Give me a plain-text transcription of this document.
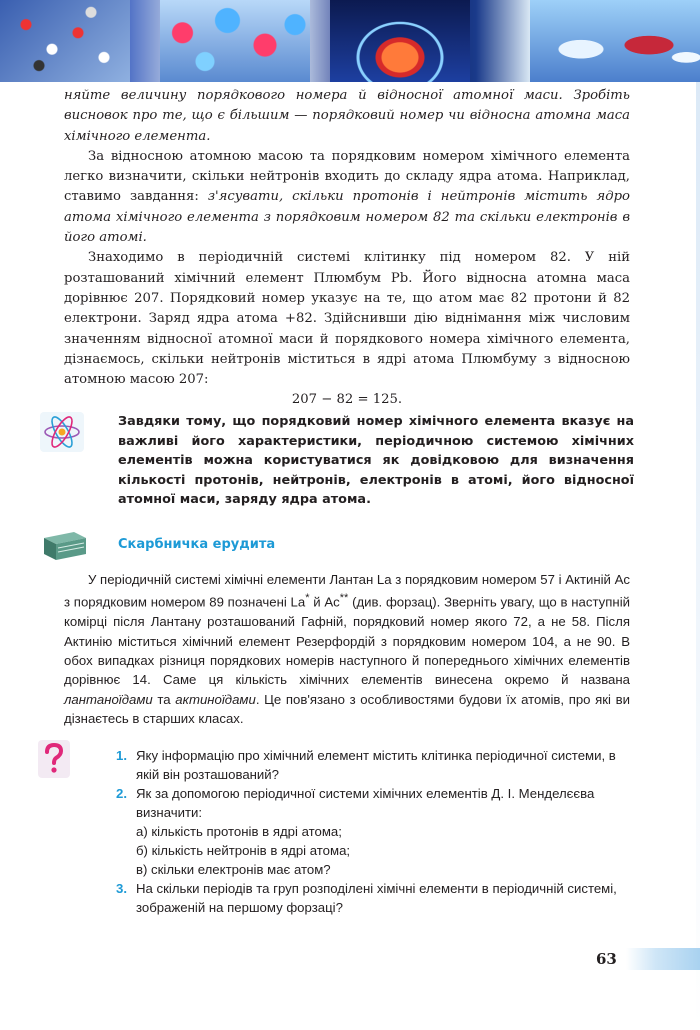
няйте величину порядкового номера й відносної атомної маси. Зробіть висновок про те, що є більшим — порядковий номер чи відносна атомна маса хімічного елемента.

За відносною атомною масою та порядковим номером хімічного елемента легко визначити, скільки нейтронів входить до складу ядра атома. Наприклад, ставимо завдання: з'ясувати, скільки протонів і нейтронів містить ядро атома хімічного елемента з порядковим номером 82 та скільки електронів в його атомі.

Знаходимо в періодичній системі клітинку під номером 82. У ній розташований хімічний елемент Плюмбум Pb. Його відносна атомна маса дорівнює 207. Порядковий номер указує на те, що атом має 82 протони й 82 електрони. Заряд ядра атома +82. Здійснивши дію віднімання між числовим значенням відносної атомної маси й порядкового номера хімічного елемента, дізнаємось, скільки нейтронів міститься в ядрі атома Плюмбуму з відносною атомною масою 207:

207 − 82 = 125.

Завдяки тому, що порядковий номер хімічного елемента вказує на важливі його характеристики, періодичною системою хімічних елементів можна користуватися як довідковою для визначення кількості протонів, нейтронів, електронів в атомі, його відносної атомної маси, заряду ядра атома.

Скарбничка ерудита

У періодичній системі хімічні елементи Лантан La з порядковим номером 57 і Актиній Ac з порядковим номером 89 позначені La* й Ac** (див. форзац). Зверніть увагу, що в наступній комірці після Лантану розташований Гафній, порядковий номер якого 72, а не 58. Після Актинію міститься хімічний елемент Резерфордій з порядковим номером 104, а не 90. В обох випадках різниця порядкових номерів наступного й попереднього хімічних елементів дорівнює 14. Саме ця кількість хімічних елементів винесена окремо й названа лантаноїдами та актиноїдами. Це пов'язано з особливостями будови їх атомів, про які ви дізнаєтесь в старших класах.

1. Яку інформацію про хімічний елемент містить клітинка періодичної системи, в якій він розташований?
2. Як за допомогою періодичної системи хімічних елементів Д. І. Менделєєва визначити:
а) кількість протонів в ядрі атома;
б) кількість нейтронів в ядрі атома;
в) скільки електронів має атом?
3. На скільки періодів та груп розподілені хімічні елементи в періодичній системі, зображеній на першому форзаці?

63
